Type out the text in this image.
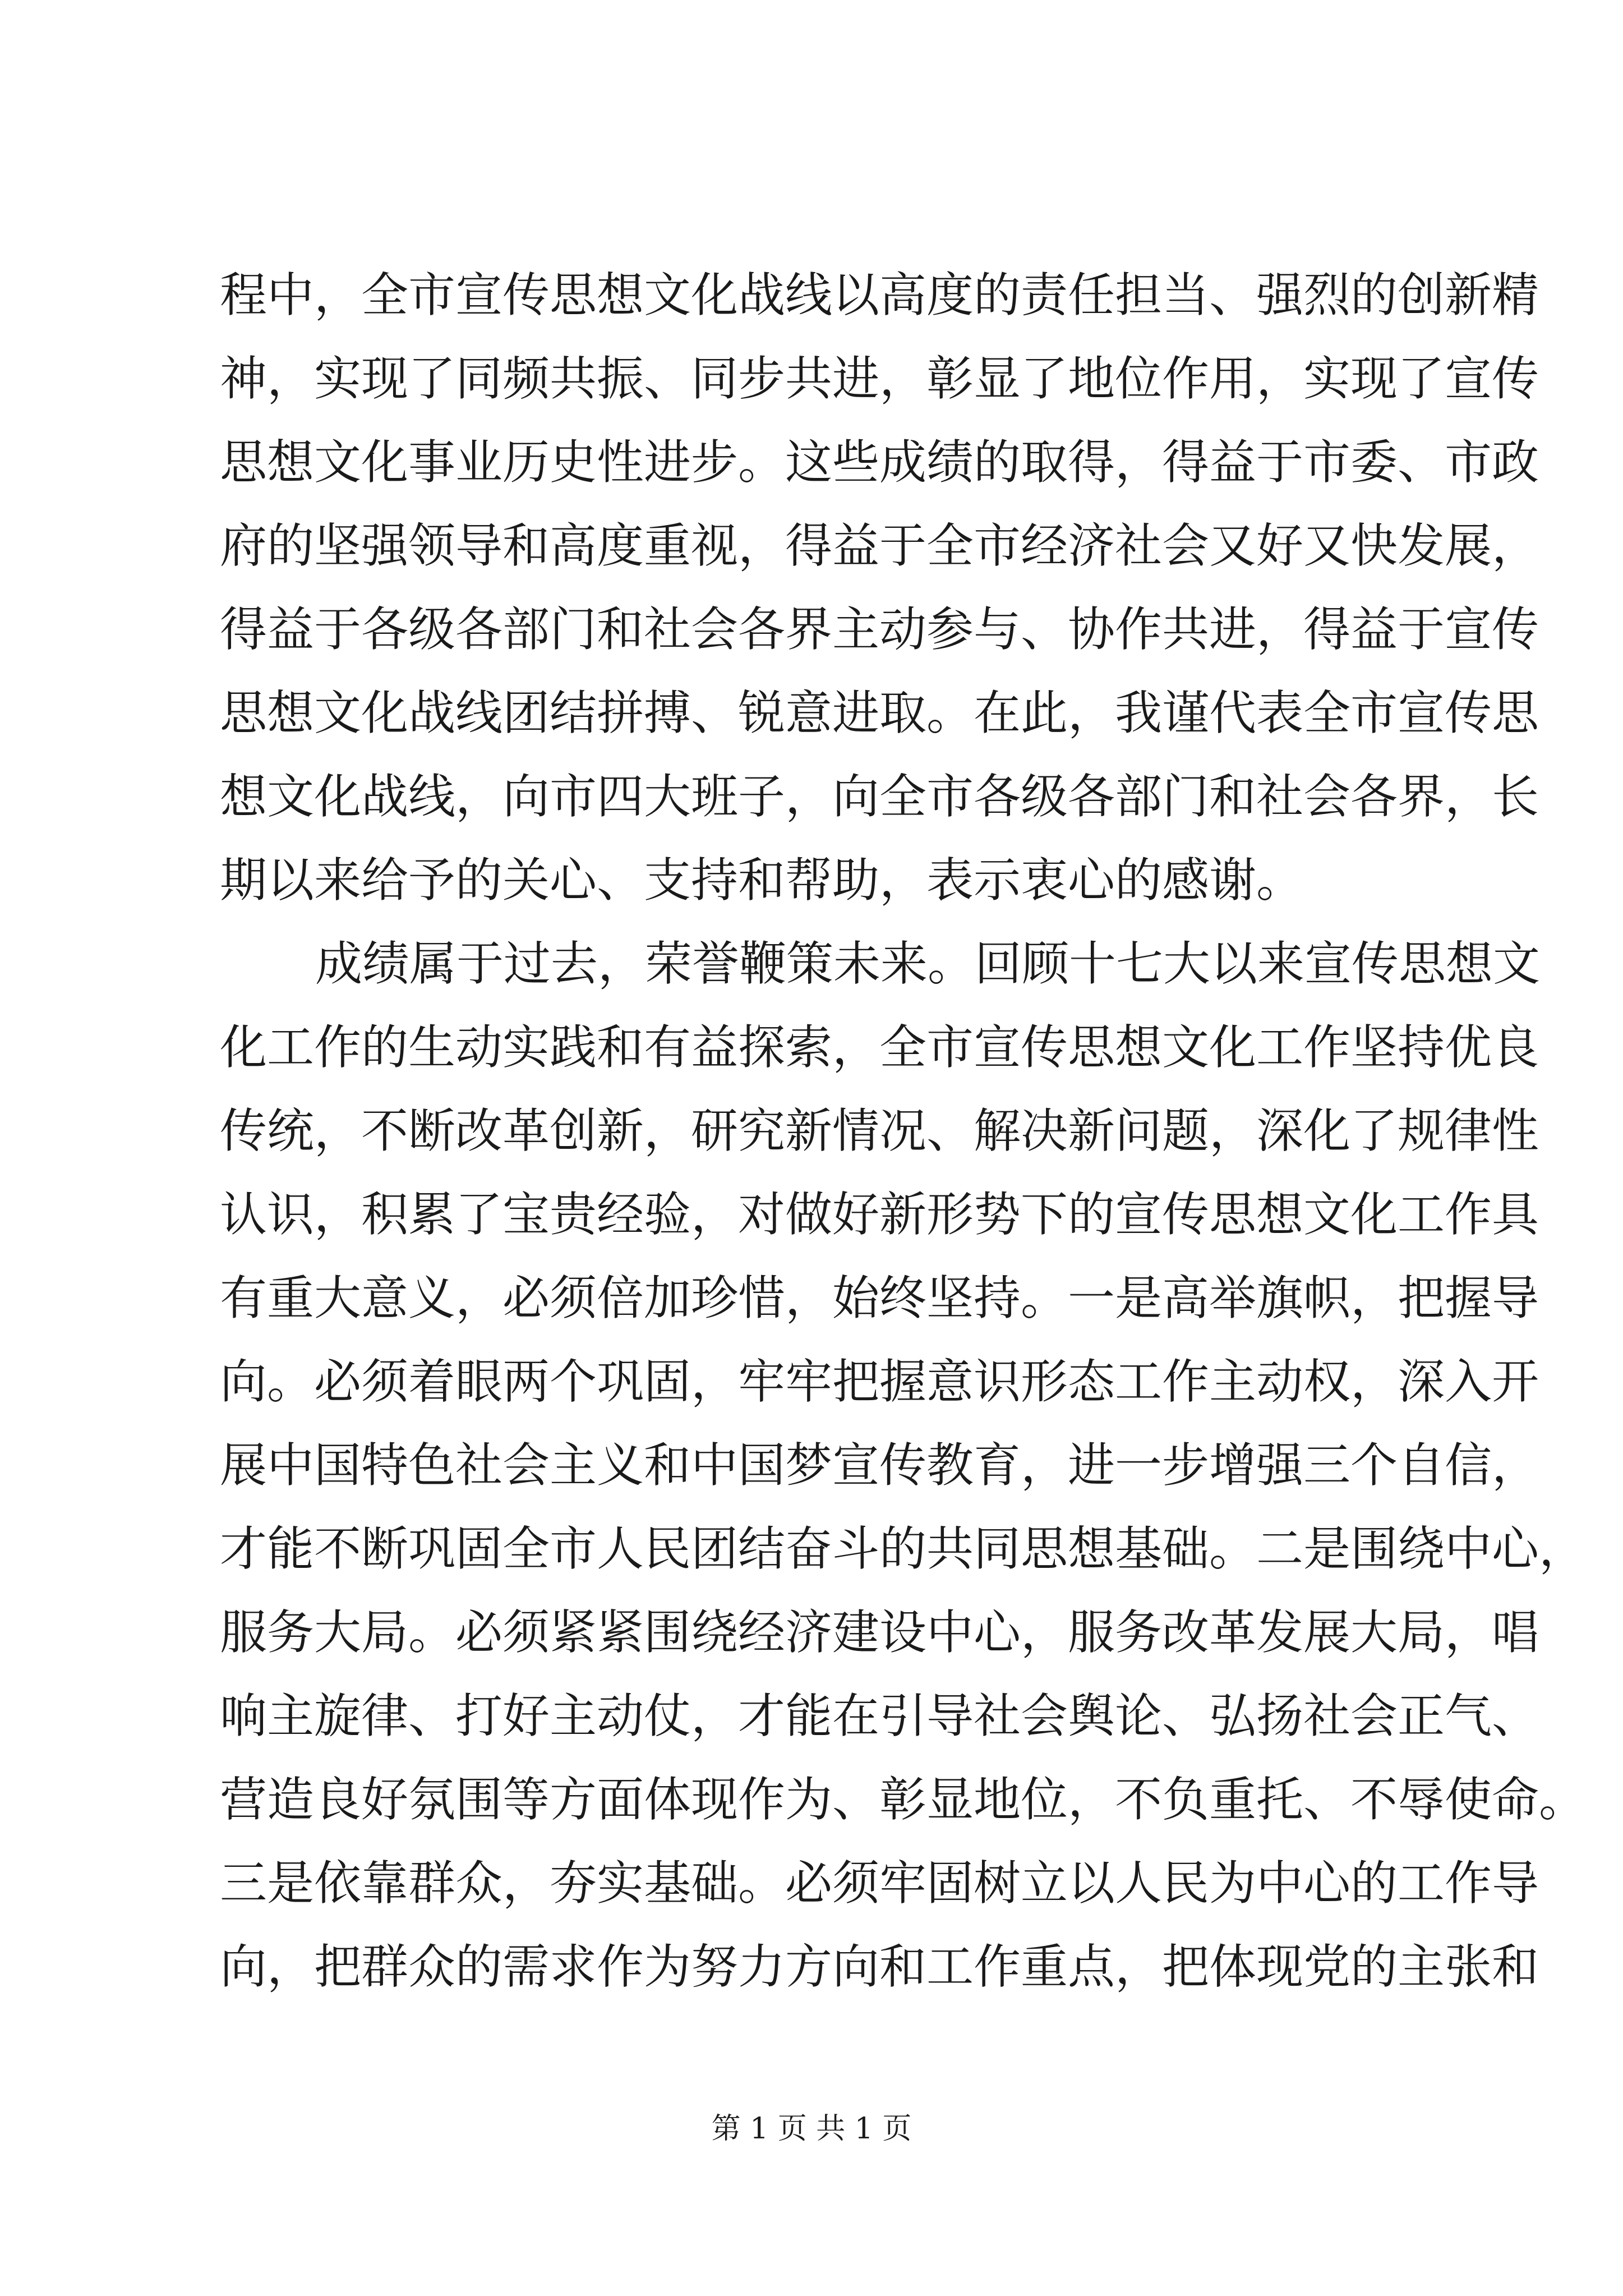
程中，全市宣传思想文化战线以高度的责任担当、强烈的创新精
神，实现了同频共振、同步共进，彰显了地位作用，实现了宣传
思想文化事业历史性进步。这些成绩的取得，得益于市委、市政
府的坚强领导和高度重视，得益于全市经济社会又好又快发展，
得益于各级各部门和社会各界主动参与、协作共进，得益于宣传
思想文化战线团结拼搏、锐意进取。在此，我谨代表全市宣传思
想文化战线，向市四大班子，向全市各级各部门和社会各界，长
期以来给予的关心、支持和帮助，表示衷心的感谢。
成绩属于过去，荣誉鞭策未来。回顾十七大以来宣传思想文
化工作的生动实践和有益探索，全市宣传思想文化工作坚持优良
传统，不断改革创新，研究新情况、解决新问题，深化了规律性
认识，积累了宝贵经验，对做好新形势下的宣传思想文化工作具
有重大意义，必须倍加珍惜，始终坚持。一是高举旗帜，把握导
向。必须着眼两个巩固，牢牢把握意识形态工作主动权，深入开
展中国特色社会主义和中国梦宣传教育，进一步增强三个自信，
才能不断巩固全市人民团结奋斗的共同思想基础。二是围绕中心，
服务大局。必须紧紧围绕经济建设中心，服务改革发展大局，唱
响主旋律、打好主动仗，才能在引导社会舆论、弘扬社会正气、
营造良好氛围等方面体现作为、彰显地位，不负重托、不辱使命。
三是依靠群众，夯实基础。必须牢固树立以人民为中心的工作导
向，把群众的需求作为努力方向和工作重点，把体现党的主张和
第 1 页 共 1 页
